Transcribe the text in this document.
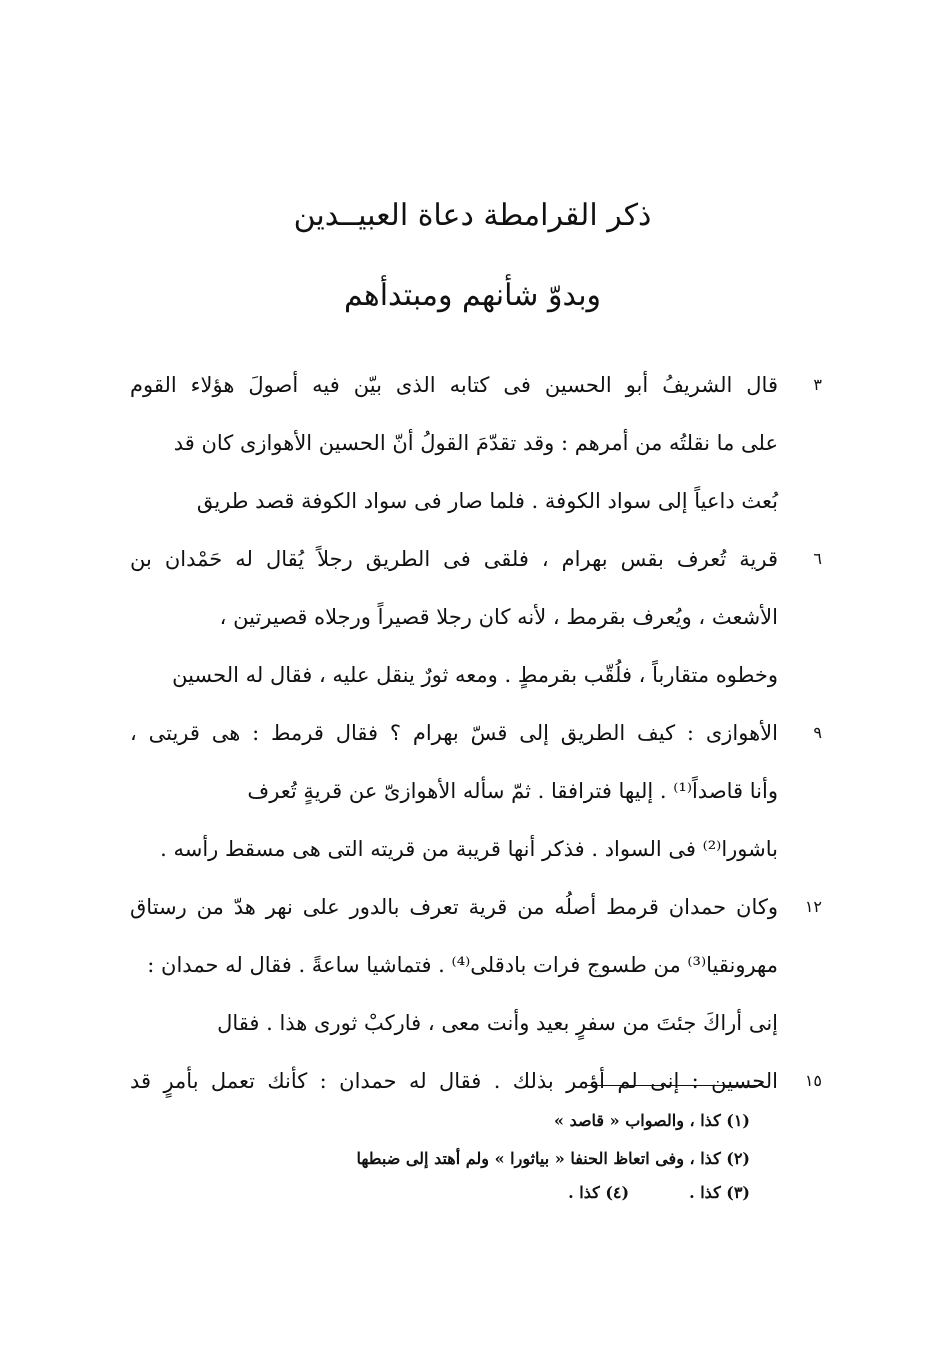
ذكر القرامطة دعاة العبيــدين
وبدوّ شأنهم ومبتدأهم
قال الشريفُ أبو الحسين فى كتابه الذى بيّن فيه أصولَ هؤلاء القوم
على ما نقلتُه من أمرهم : وقد تقدّمَ القولُ أنّ الحسين الأهوازى كان قد
بُعث داعياً إلى سواد الكوفة . فلما صار فى سواد الكوفة قصد طريق
قرية تُعرف بقس بهرام ، فلقى فى الطريق رجلاً يُقال له حَمْدان بن
الأشعث ، ويُعرف بقرمط ، لأنه كان رجلا قصيراً ورجلاه قصيرتين ،
وخطوه متقارباً ، فلُقّب بقرمطٍ . ومعه ثورٌ ينقل عليه ، فقال له الحسين
الأهوازى : كيف الطريق إلى قسّ بهرام ؟ فقال قرمط : هى قريتى ،
وأنا قاصداً⁽¹⁾ . إليها فترافقا . ثمّ سأله الأهوازىّ عن قريةٍ تُعرف
باشورا⁽²⁾ فى السواد . فذكر أنها قريبة من قريته التى هى مسقط رأسه .
وكان حمدان قرمط أصلُه من قرية تعرف بالدور على نهر هدّ من رستاق
مهرونقيا⁽³⁾ من طسوج فرات بادقلى⁽⁴⁾ . فتماشيا ساعةً . فقال له حمدان :
إنى أراكَ جئتَ من سفرٍ بعيد وأنت معى ، فاركبْ ثورى هذا . فقال
الحسين : إنى لم أؤمر بذلك . فقال له حمدان : كأنك تعمل بأمرٍ قد
٣
٦
٩
١٢
١٥
(١) كذا ، والصواب « قاصد »
(٢) كذا ، وفى اتعاظ الحنفا « بياثورا » ولم أهتد إلى ضبطها
(٣) كذا .(٤) كذا .
